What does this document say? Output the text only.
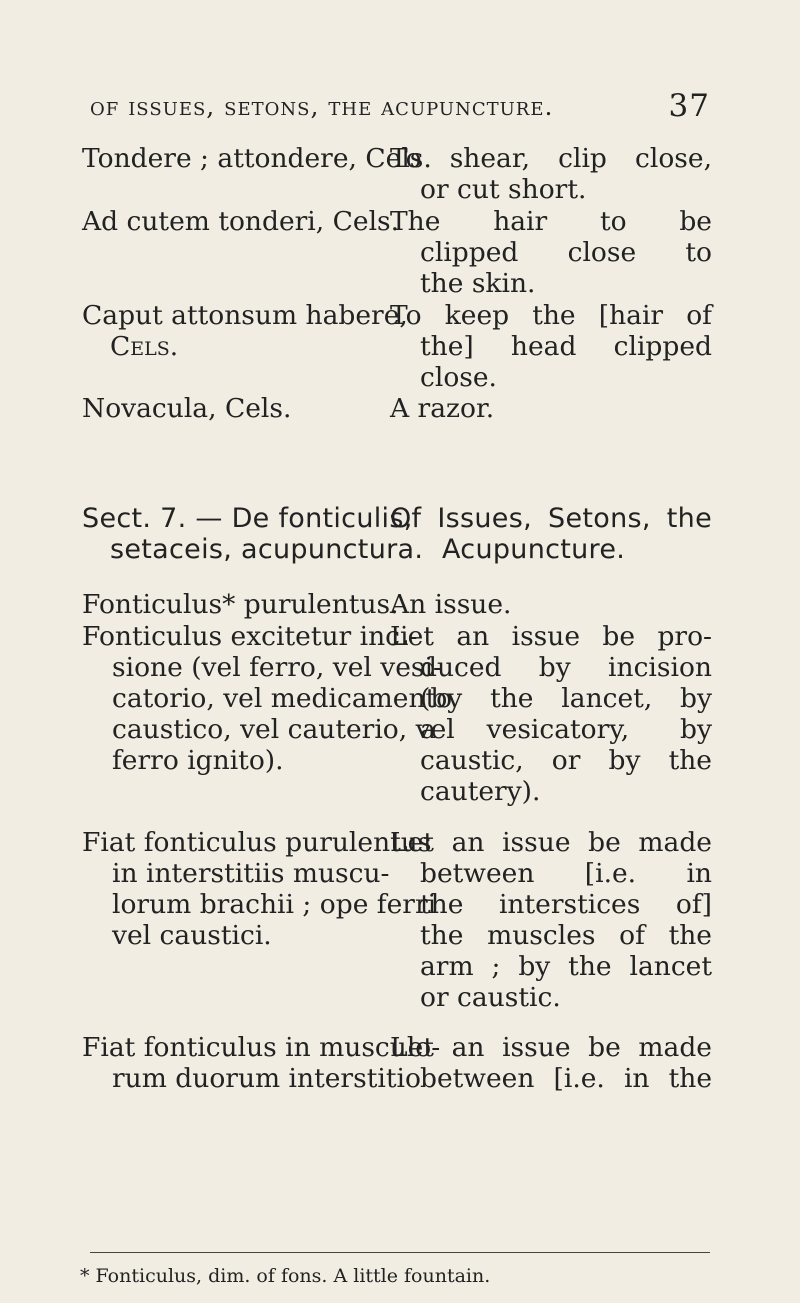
of issues, setons, the acupuncture.	37
Tondere ; attondere, Cels.
To shear, clip close,
or cut short.
Ad cutem tonderi, Cels.
The hair to be
clipped close to
the skin.
Caput attonsum habere,
Cels.
To keep the [hair of
the] head clipped
close.
Novacula, Cels.	A razor.
Sect. 7. — De fonticulis,
setaceis, acupunctura.
Of Issues, Setons, the
Acupuncture.
Fonticulus* purulentus.
An issue.
Fonticulus excitetur inci-
sione (vel ferro, vel vesi-
catorio, vel medicamento
caustico, vel cauterio, vel
ferro ignito).
Let an issue be pro-
duced by incision
(by the lancet, by
a vesicatory, by
caustic, or by the
cautery).
Fiat fonticulus purulentus
in interstitiis muscu-
lorum brachii ; ope ferri
vel caustici.
Let an issue be made
between [i.e. in
the interstices of]
the muscles of the
arm ; by the lancet
or caustic.
Fiat fonticulus in musculo-
rum duorum interstitio
Let an issue be made
between [i.e. in the
* Fonticulus, dim. of fons. A little fountain.
